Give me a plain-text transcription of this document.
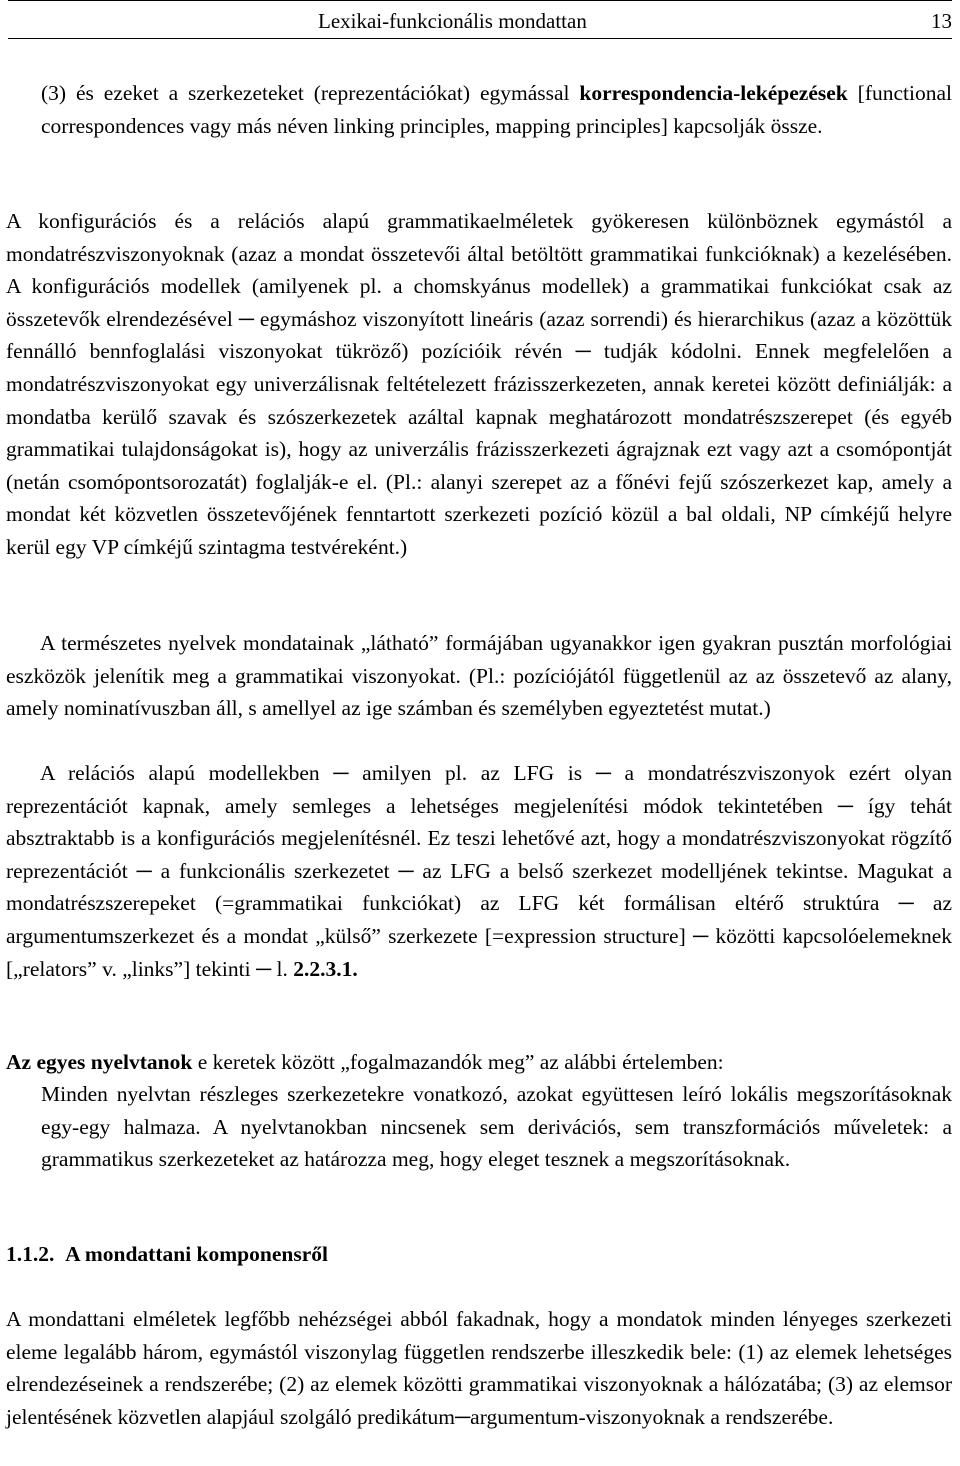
Lexikai-funkcionális mondattan	13

(3) és ezeket a szerkezeteket (reprezentációkat) egymással korrespondencia-leképezések [functional correspondences vagy más néven linking principles, mapping principles] kapcsolják össze.

A konfigurációs és a relációs alapú grammatikaelméletek gyökeresen különböznek egymástól a mondatrészviszonyoknak (azaz a mondat összetevői által betöltött grammatikai funkcióknak) a kezelésében. A konfigurációs modellek (amilyenek pl. a chomskyánus modellek) a grammatikai funkciókat csak az összetevők elrendezésével ─ egymáshoz viszonyított lineáris (azaz sorrendi) és hierarchikus (azaz a közöttük fennálló bennfoglalási viszonyokat tükröző) pozícióik révén ─ tudják kódolni. Ennek megfelelően a mondatrészviszonyokat egy univerzálisnak feltételezett frázisszerkezeten, annak keretei között definiálják: a mondatba kerülő szavak és szószerkezetek azáltal kapnak meghatározott mondatrészszerepet (és egyéb grammatikai tulajdonságokat is), hogy az univerzális frázisszerkezeti ágrajznak ezt vagy azt a csomópontját (netán csomópontsorozatát) foglalják-e el. (Pl.: alanyi szerepet az a főnévi fejű szószerkezet kap, amely a mondat két közvetlen összetevőjének fenntartott szerkezeti pozíció közül a bal oldali, NP címkéjű helyre kerül egy VP címkéjű szintagma testvéreként.)

A természetes nyelvek mondatainak „látható” formájában ugyanakkor igen gyakran pusztán morfológiai eszközök jelenítik meg a grammatikai viszonyokat. (Pl.: pozíciójától függetlenül az az összetevő az alany, amely nominatívuszban áll, s amellyel az ige számban és személyben egyeztetést mutat.)

A relációs alapú modellekben ─ amilyen pl. az LFG is ─ a mondatrészviszonyok ezért olyan reprezentációt kapnak, amely semleges a lehetséges megjelenítési módok tekintetében ─ így tehát absztraktabb is a konfigurációs megjelenítésnél. Ez teszi lehetővé azt, hogy a mondatrészviszonyokat rögzítő reprezentációt ─ a funkcionális szerkezetet ─ az LFG a belső szerkezet modelljének tekintse. Magukat a mondatrészszerepeket (=grammatikai funkciókat) az LFG két formálisan eltérő struktúra ─ az argumentumszerkezet és a mondat „külső” szerkezete [=expression structure] ─ közötti kapcsolóelemeknek [„relators” v. „links”] tekinti ─ l. 2.2.3.1.

Az egyes nyelvtanok e keretek között „fogalmazandók meg” az alábbi értelemben:

Minden nyelvtan részleges szerkezetekre vonatkozó, azokat együttesen leíró lokális megszorításoknak egy-egy halmaza. A nyelvtanokban nincsenek sem derivációs, sem transzformációs műveletek: a grammatikus szerkezeteket az határozza meg, hogy eleget tesznek a megszorításoknak.

1.1.2. A mondattani komponensről

A mondattani elméletek legfőbb nehézségei abból fakadnak, hogy a mondatok minden lényeges szerkezeti eleme legalább három, egymástól viszonylag független rendszerbe illeszkedik bele: (1) az elemek lehetséges elrendezéseinek a rendszerébe; (2) az elemek közötti grammatikai viszonyoknak a hálózatába; (3) az elemsor jelentésének közvetlen alapjául szolgáló predikátum─argumentum-viszonyoknak a rendszerébe.
